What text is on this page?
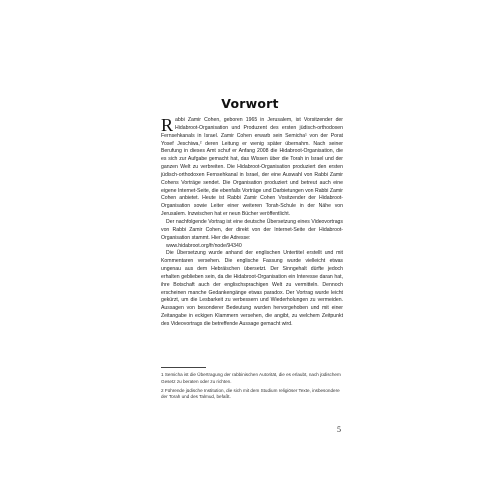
Vorwort

Rabbi Zamir Cohen, geboren 1965 in Jerusalem, ist Vorsitzender der Hidabroot-Organisation und Produzent des ersten jüdisch-orthodoxen Fernsehkanals in Israel. Zamir Cohen erwarb sein Semicha¹ von der Porat Yosef Jeschiwa,² deren Leitung er wenig später übernahm. Nach seiner Berufung in dieses Amt schuf er Anfang 2008 die Hidabroot-Organisation, die es sich zur Aufgabe gemacht hat, das Wissen über die Torah in Israel und der ganzen Welt zu verbreiten. Die Hidabroot-Organisation produziert den ersten jüdisch-orthodoxen Fernsehkanal in Israel, der eine Auswahl von Rabbi Zamir Cohens Vorträge sendet. Die Organisation produziert und betreut auch eine eigene Internet-Seite, die ebenfalls Vorträge und Darbietungen von Rabbi Zamir Cohen anbietet. Heute ist Rabbi Zamir Cohen Vositzender der Hidabroot-Organisation sowie Leiter einer weiteren Torah-Schule in der Nähe von Jerusalem. Inzwischen hat er neun Bücher veröffentlicht.

Der nachfolgende Vortrag ist eine deutsche Übersetzung eines Videovortrags von Rabbi Zamir Cohen, der direkt von der Internet-Seite der Hidabroot-Organisation stammt. Hier die Adresse:

www.hidabroot.org/fr/node/94340

Die Übersetzung wurde anhand der englischen Untertitel erstellt und mit Kommentaren versehen. Die englische Fassung wurde vielleicht etwas ungenau aus dem Hebräischen übersetzt. Der Sinngehalt dürfte jedoch erhalten geblieben sein, da die Hidabroot-Organisation ein Interesse daran hat, ihre Botschaft auch der englischsprachigen Welt zu vermitteln. Dennoch erscheinen manche Gedankengänge etwas paradox. Der Vortrag wurde leicht gekürzt, um die Lesbarkeit zu verbessern und Wiederholungen zu vermeiden. Aussagen von besonderer Bedeutung wurden hervorgehoben und mit einer Zeitangabe in eckigen Klammern versehen, die angibt, zu welchem Zeitpunkt des Videovortrags die betreffende Aussage gemacht wird.

1 Semicha ist die Übertragung der rabbinischen Autorität, die es erlaubt, nach jüdischem Gesetz zu beraten oder zu richten.

2 Führende jüdische Institution, die sich mit dem Studium religiöser Texte, insbesondere der Torah und des Talmud, befaßt.

5
